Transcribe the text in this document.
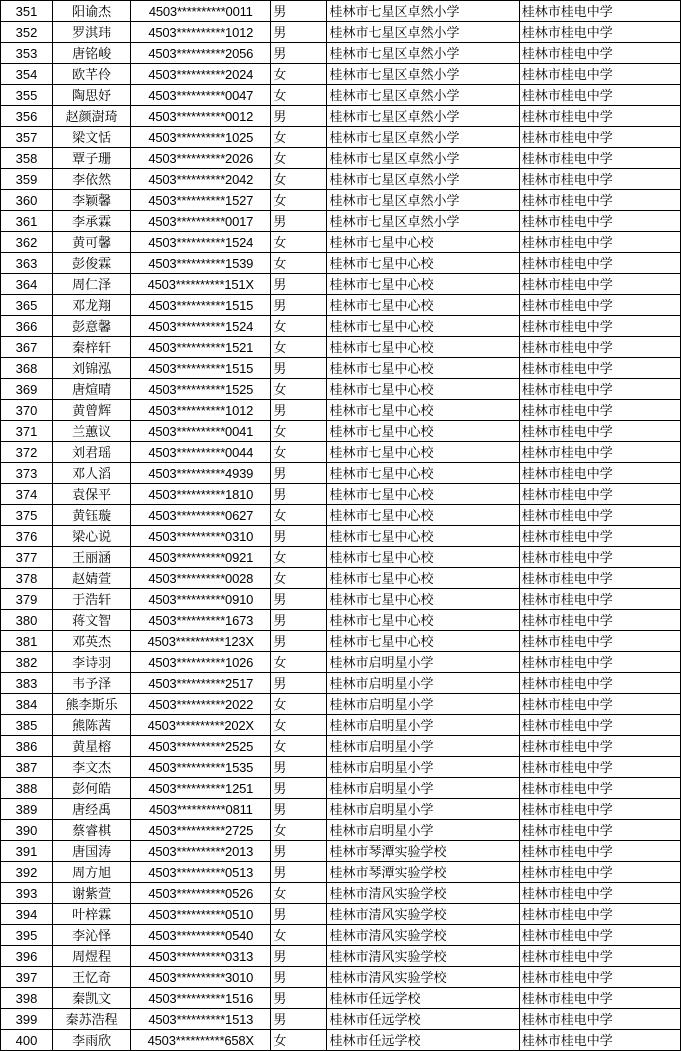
351	阳谕杰	4503**********0011	男	桂林市七星区卓然小学	桂林市桂电中学
352	罗淇玮	4503**********1012	男	桂林市七星区卓然小学	桂林市桂电中学
353	唐铭峻	4503**********2056	男	桂林市七星区卓然小学	桂林市桂电中学
354	欧芊伶	4503**********2024	女	桂林市七星区卓然小学	桂林市桂电中学
355	陶思妤	4503**********0047	女	桂林市七星区卓然小学	桂林市桂电中学
356	赵颜澍琦	4503**********0012	男	桂林市七星区卓然小学	桂林市桂电中学
357	梁文恬	4503**********1025	女	桂林市七星区卓然小学	桂林市桂电中学
358	覃子珊	4503**********2026	女	桂林市七星区卓然小学	桂林市桂电中学
359	李依然	4503**********2042	女	桂林市七星区卓然小学	桂林市桂电中学
360	李颖馨	4503**********1527	女	桂林市七星区卓然小学	桂林市桂电中学
361	李承霖	4503**********0017	男	桂林市七星区卓然小学	桂林市桂电中学
362	黄可馨	4503**********1524	女	桂林市七星中心校	桂林市桂电中学
363	彭俊霖	4503**********1539	女	桂林市七星中心校	桂林市桂电中学
364	周仁泽	4503**********151X	男	桂林市七星中心校	桂林市桂电中学
365	邓龙翔	4503**********1515	男	桂林市七星中心校	桂林市桂电中学
366	彭意馨	4503**********1524	女	桂林市七星中心校	桂林市桂电中学
367	秦梓轩	4503**********1521	女	桂林市七星中心校	桂林市桂电中学
368	刘锦泓	4503**********1515	男	桂林市七星中心校	桂林市桂电中学
369	唐煊晴	4503**********1525	女	桂林市七星中心校	桂林市桂电中学
370	黄曾辉	4503**********1012	男	桂林市七星中心校	桂林市桂电中学
371	兰蕙议	4503**********0041	女	桂林市七星中心校	桂林市桂电中学
372	刘君瑶	4503**********0044	女	桂林市七星中心校	桂林市桂电中学
373	邓人滔	4503**********4939	男	桂林市七星中心校	桂林市桂电中学
374	袁保平	4503**********1810	男	桂林市七星中心校	桂林市桂电中学
375	黄钰璇	4503**********0627	女	桂林市七星中心校	桂林市桂电中学
376	梁心说	4503**********0310	男	桂林市七星中心校	桂林市桂电中学
377	王丽涵	4503**********0921	女	桂林市七星中心校	桂林市桂电中学
378	赵婧萱	4503**********0028	女	桂林市七星中心校	桂林市桂电中学
379	于浩轩	4503**********0910	男	桂林市七星中心校	桂林市桂电中学
380	蒋文智	4503**********1673	男	桂林市七星中心校	桂林市桂电中学
381	邓英杰	4503**********123X	男	桂林市七星中心校	桂林市桂电中学
382	李诗羽	4503**********1026	女	桂林市启明星小学	桂林市桂电中学
383	韦予泽	4503**********2517	男	桂林市启明星小学	桂林市桂电中学
384	熊李斯乐	4503**********2022	女	桂林市启明星小学	桂林市桂电中学
385	熊陈茜	4503**********202X	女	桂林市启明星小学	桂林市桂电中学
386	黄星榕	4503**********2525	女	桂林市启明星小学	桂林市桂电中学
387	李文杰	4503**********1535	男	桂林市启明星小学	桂林市桂电中学
388	彭何皓	4503**********1251	男	桂林市启明星小学	桂林市桂电中学
389	唐经禹	4503**********0811	男	桂林市启明星小学	桂林市桂电中学
390	蔡睿棋	4503**********2725	女	桂林市启明星小学	桂林市桂电中学
391	唐国涛	4503**********2013	男	桂林市琴潭实验学校	桂林市桂电中学
392	周方旭	4503**********0513	男	桂林市琴潭实验学校	桂林市桂电中学
393	谢紫萱	4503**********0526	女	桂林市清风实验学校	桂林市桂电中学
394	叶梓霖	4503**********0510	男	桂林市清风实验学校	桂林市桂电中学
395	李沁怿	4503**********0540	女	桂林市清风实验学校	桂林市桂电中学
396	周煜程	4503**********0313	男	桂林市清风实验学校	桂林市桂电中学
397	王忆奇	4503**********3010	男	桂林市清风实验学校	桂林市桂电中学
398	秦凯文	4503**********1516	男	桂林市任远学校	桂林市桂电中学
399	秦苏浩程	4503**********1513	男	桂林市任远学校	桂林市桂电中学
400	李雨欣	4503**********658X	女	桂林市任远学校	桂林市桂电中学
